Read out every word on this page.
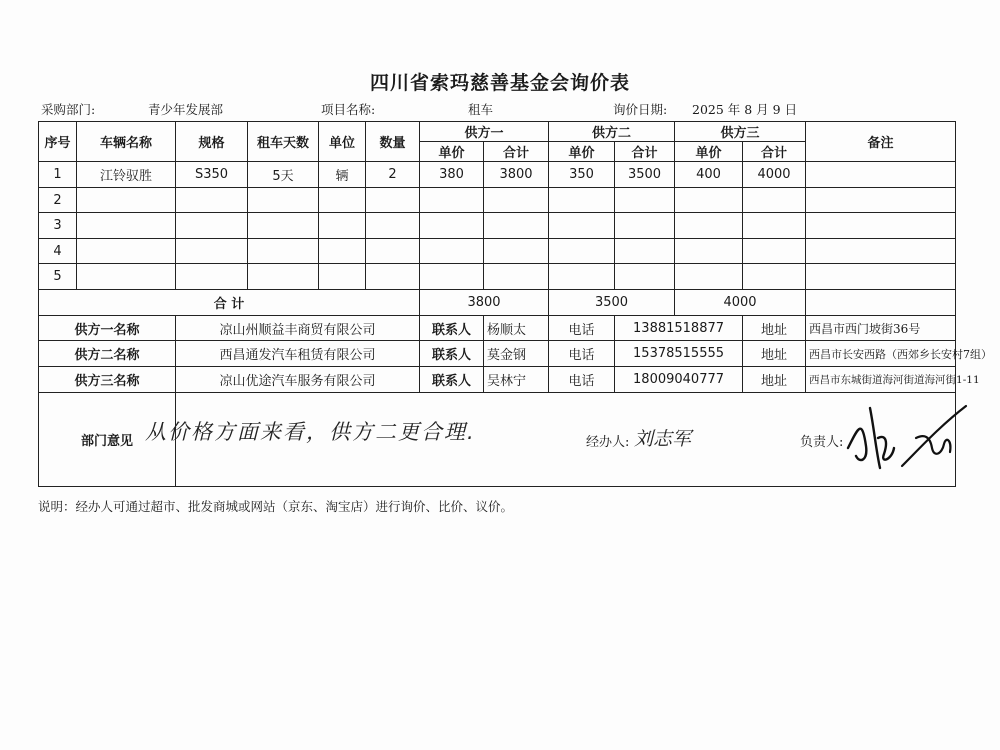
四川省索玛慈善基金会询价表
采购部门:	青少年发展部	项目名称:	租车	询价日期: 2025 年 8 月 9 日
序号	车辆名称	规格	租车天数	单位	数量	供方一		供方二		供方三		备注
						单价	合计	单价	合计	单价	合计	
1	江铃驭胜	S350	5天	辆	2	380	3800	350	3500	400	4000	
2												
3												
4												
5												
合 计						3800		3500		4000		
供方一名称		凉山州顺益丰商贸有限公司				联系人	杨顺太	电话	13881518877		地址	西昌市西门坡街36号
供方二名称		西昌通发汽车租赁有限公司				联系人	莫金钢	电话	15378515555		地址	西昌市长安西路（西郊乡长安村7组）
供方三名称		凉山优途汽车服务有限公司				联系人	吴林宁	电话	18009040777		地址	西昌市东城街道海河街道海河街1-11
部门意见												从价格方面来看，供方二更合理.	经办人: 刘志军	负责人:
说明：经办人可通过超市、批发商城或网站（京东、淘宝店）进行询价、比价、议价。
